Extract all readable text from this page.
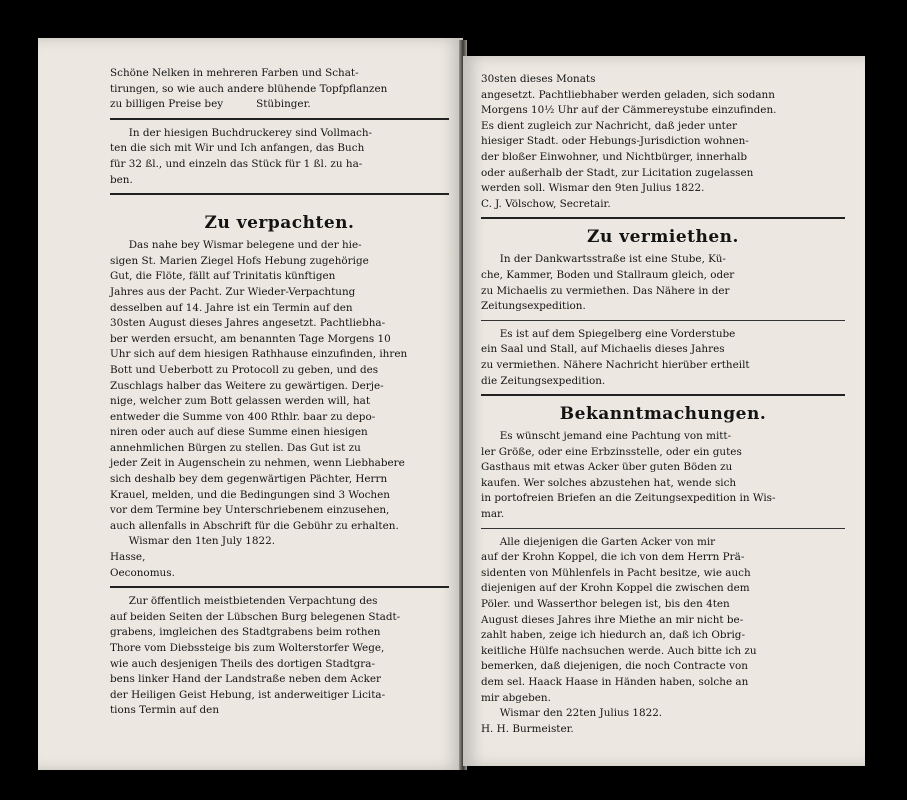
Schöne Nelken in mehreren Farben und Schat-

tirungen, so wie auch andere blühende Topfpflanzen

zu billigen Preise bey          Stübinger.

In der hiesigen Buchdruckerey sind Vollmach-

ten die sich mit Wir und Ich anfangen, das Buch

für 32 ßl., und einzeln das Stück für 1 ßl. zu ha-

ben.

Zu verpachten.

Das nahe bey Wismar belegene und der hie-

sigen St. Marien Ziegel Hofs Hebung zugehörige

Gut, die Flöte, fällt auf Trinitatis künftigen

Jahres aus der Pacht. Zur Wieder-Verpachtung

desselben auf 14. Jahre ist ein Termin auf den

30sten August dieses Jahres angesetzt. Pachtliebha-

ber werden ersucht, am benannten Tage Morgens 10

Uhr sich auf dem hiesigen Rathhause einzufinden, ihren

Bott und Ueberbott zu Protocoll zu geben, und des

Zuschlags halber das Weitere zu gewärtigen. Derje-

nige, welcher zum Bott gelassen werden will, hat

entweder die Summe von 400 Rthlr. baar zu depo-

niren oder auch auf diese Summe einen hiesigen

annehmlichen Bürgen zu stellen. Das Gut ist zu

jeder Zeit in Augenschein zu nehmen, wenn Liebhabere

sich deshalb bey dem gegenwärtigen Pächter, Herrn

Krauel, melden, und die Bedingungen sind 3 Wochen

vor dem Termine bey Unterschriebenem einzusehen,

auch allenfalls in Abschrift für die Gebühr zu erhalten.

Wismar den 1ten July 1822.

Hasse,

Oeconomus.

Zur öffentlich meistbietenden Verpachtung des

auf beiden Seiten der Lübschen Burg belegenen Stadt-

grabens, imgleichen des Stadtgrabens beim rothen

Thore vom Diebssteige bis zum Wolterstorfer Wege,

wie auch desjenigen Theils des dortigen Stadtgra-

bens linker Hand der Landstraße neben dem Acker

der Heiligen Geist Hebung, ist anderweitiger Licita-

tions Termin auf den

30sten dieses Monats

angesetzt. Pachtliebhaber werden geladen, sich sodann

Morgens 10½ Uhr auf der Cämmereystube einzufinden.

Es dient zugleich zur Nachricht, daß jeder unter

hiesiger Stadt. oder Hebungs-Jurisdiction wohnen-

der bloßer Einwohner, und Nichtbürger, innerhalb

oder außerhalb der Stadt, zur Licitation zugelassen

werden soll. Wismar den 9ten Julius 1822.

C. J. Völschow, Secretair.

Zu vermiethen.

In der Dankwartsstraße ist eine Stube, Kü-

che, Kammer, Boden und Stallraum gleich, oder

zu Michaelis zu vermiethen. Das Nähere in der

Zeitungsexpedition.

Es ist auf dem Spiegelberg eine Vorderstube

ein Saal und Stall, auf Michaelis dieses Jahres

zu vermiethen. Nähere Nachricht hierüber ertheilt

die Zeitungsexpedition.

Bekanntmachungen.

Es wünscht jemand eine Pachtung von mitt-

ler Größe, oder eine Erbzinsstelle, oder ein gutes

Gasthaus mit etwas Acker über guten Böden zu

kaufen. Wer solches abzustehen hat, wende sich

in portofreien Briefen an die Zeitungsexpedition in Wis-

mar.

Alle diejenigen die Garten Acker von mir

auf der Krohn Koppel, die ich von dem Herrn Prä-

sidenten von Mühlenfels in Pacht besitze, wie auch

diejenigen auf der Krohn Koppel die zwischen dem

Pöler. und Wasserthor belegen ist, bis den 4ten

August dieses Jahres ihre Miethe an mir nicht be-

zahlt haben, zeige ich hiedurch an, daß ich Obrig-

keitliche Hülfe nachsuchen werde. Auch bitte ich zu

bemerken, daß diejenigen, die noch Contracte von

dem sel. Haack Haase in Händen haben, solche an

mir abgeben.

Wismar den 22ten Julius 1822.

H. H. Burmeister.
